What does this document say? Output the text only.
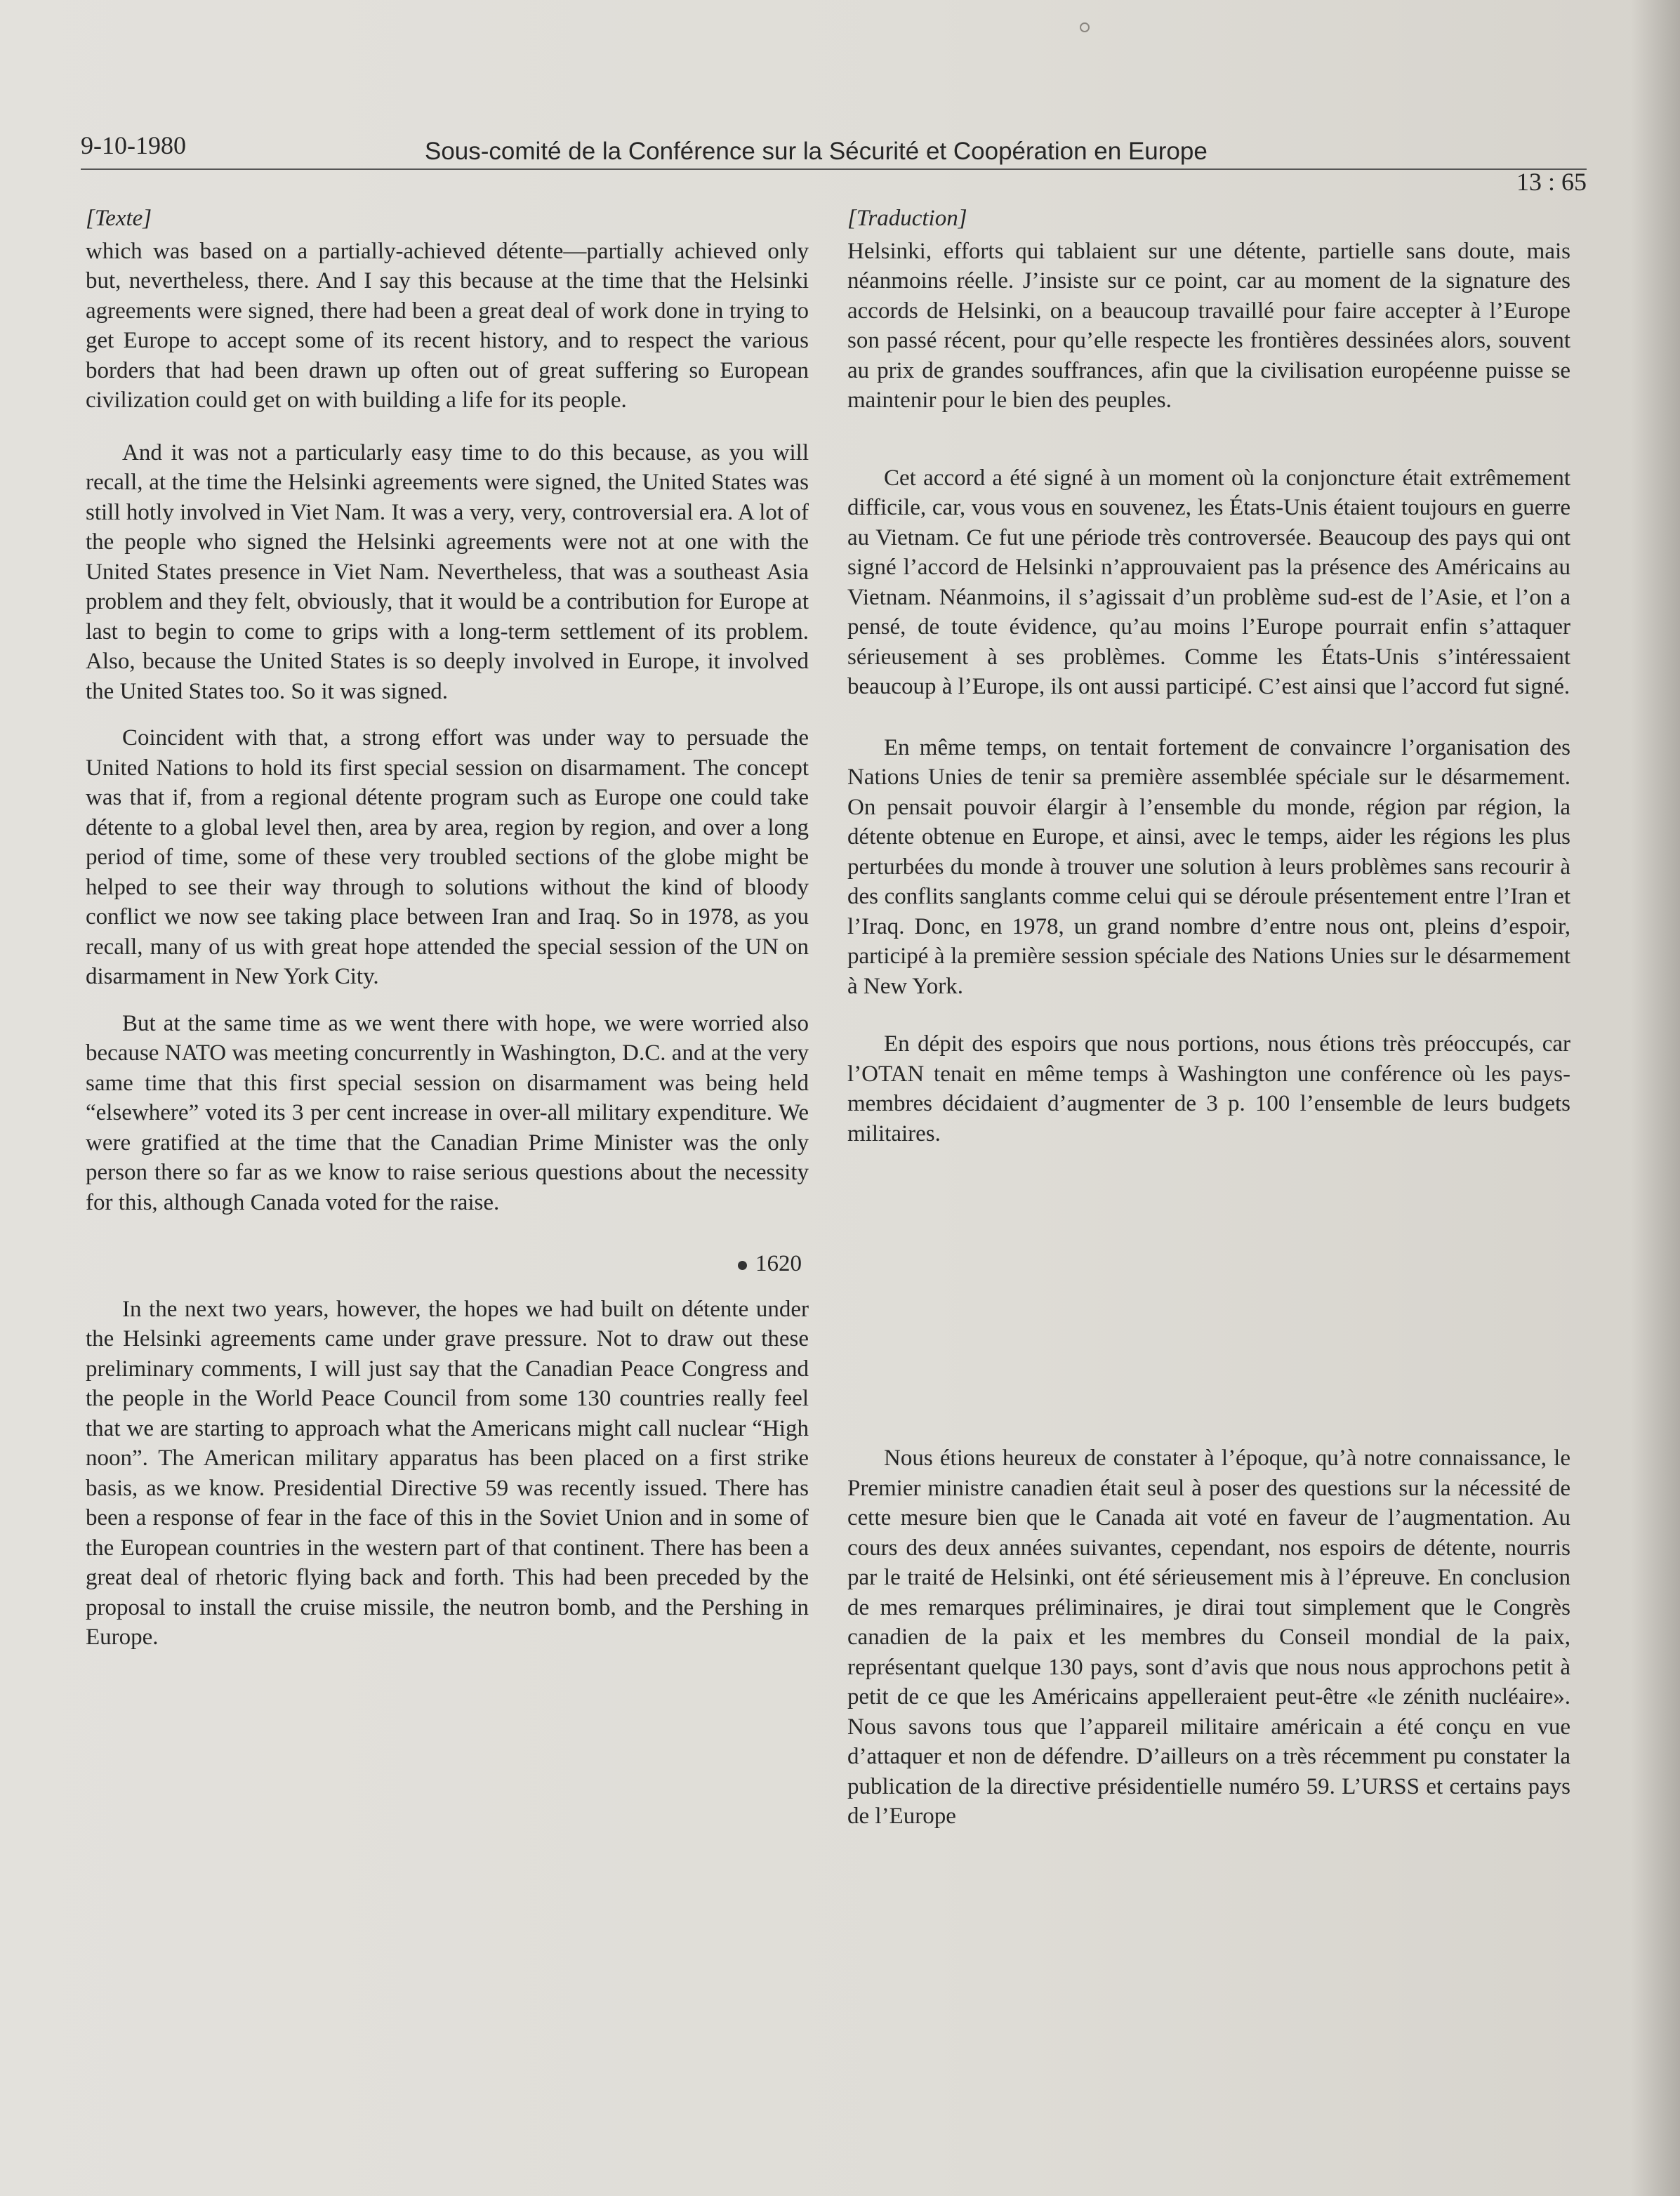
9-10-1980	Sous-comité de la Conférence sur la Sécurité et Coopération en Europe
13 : 65
[Texte]

which was based on a partially-achieved détente—partially achieved only but, nevertheless, there. And I say this because at the time that the Helsinki agreements were signed, there had been a great deal of work done in trying to get Europe to accept some of its recent history, and to respect the various borders that had been drawn up often out of great suffering so European civilization could get on with building a life for its people.

And it was not a particularly easy time to do this because, as you will recall, at the time the Helsinki agreements were signed, the United States was still hotly involved in Viet Nam. It was a very, very, controversial era. A lot of the people who signed the Helsinki agreements were not at one with the United States presence in Viet Nam. Nevertheless, that was a southeast Asia problem and they felt, obviously, that it would be a contribution for Europe at last to begin to come to grips with a long-term settlement of its problem. Also, because the United States is so deeply involved in Europe, it involved the United States too. So it was signed.

Coincident with that, a strong effort was under way to persuade the United Nations to hold its first special session on disarmament. The concept was that if, from a regional détente program such as Europe one could take détente to a global level then, area by area, region by region, and over a long period of time, some of these very troubled sections of the globe might be helped to see their way through to solutions without the kind of bloody conflict we now see taking place between Iran and Iraq. So in 1978, as you recall, many of us with great hope attended the special session of the UN on disarmament in New York City.

But at the same time as we went there with hope, we were worried also because NATO was meeting concurrently in Washington, D.C. and at the very same time that this first special session on disarmament was being held “elsewhere” voted its 3 per cent increase in over-all military expenditure. We were gratified at the time that the Canadian Prime Minister was the only person there so far as we know to raise serious questions about the necessity for this, although Canada voted for the raise.

1620

In the next two years, however, the hopes we had built on détente under the Helsinki agreements came under grave pressure. Not to draw out these preliminary comments, I will just say that the Canadian Peace Congress and the people in the World Peace Council from some 130 countries really feel that we are starting to approach what the Americans might call nuclear “High noon”. The American military apparatus has been placed on a first strike basis, as we know. Presidential Directive 59 was recently issued. There has been a response of fear in the face of this in the Soviet Union and in some of the European countries in the western part of that continent. There has been a great deal of rhetoric flying back and forth. This had been preceded by the proposal to install the cruise missile, the neutron bomb, and the Pershing in Europe.

[Traduction]

Helsinki, efforts qui tablaient sur une détente, partielle sans doute, mais néanmoins réelle. J’insiste sur ce point, car au moment de la signature des accords de Helsinki, on a beaucoup travaillé pour faire accepter à l’Europe son passé récent, pour qu’elle respecte les frontières dessinées alors, souvent au prix de grandes souffrances, afin que la civilisation européenne puisse se maintenir pour le bien des peuples.

Cet accord a été signé à un moment où la conjoncture était extrêmement difficile, car, vous vous en souvenez, les États-Unis étaient toujours en guerre au Vietnam. Ce fut une période très controversée. Beaucoup des pays qui ont signé l’accord de Helsinki n’approuvaient pas la présence des Américains au Vietnam. Néanmoins, il s’agissait d’un problème sud-est de l’Asie, et l’on a pensé, de toute évidence, qu’au moins l’Europe pourrait enfin s’attaquer sérieusement à ses problèmes. Comme les États-Unis s’intéressaient beaucoup à l’Europe, ils ont aussi participé. C’est ainsi que l’accord fut signé.

En même temps, on tentait fortement de convaincre l’organisation des Nations Unies de tenir sa première assemblée spéciale sur le désarmement. On pensait pouvoir élargir à l’ensemble du monde, région par région, la détente obtenue en Europe, et ainsi, avec le temps, aider les régions les plus perturbées du monde à trouver une solution à leurs problèmes sans recourir à des conflits sanglants comme celui qui se déroule présentement entre l’Iran et l’Iraq. Donc, en 1978, un grand nombre d’entre nous ont, pleins d’espoir, participé à la première session spéciale des Nations Unies sur le désarmement à New York.

En dépit des espoirs que nous portions, nous étions très préoccupés, car l’OTAN tenait en même temps à Washington une conférence où les pays-membres décidaient d’augmenter de 3 p. 100 l’ensemble de leurs budgets militaires.

Nous étions heureux de constater à l’époque, qu’à notre connaissance, le Premier ministre canadien était seul à poser des questions sur la nécessité de cette mesure bien que le Canada ait voté en faveur de l’augmentation. Au cours des deux années suivantes, cependant, nos espoirs de détente, nourris par le traité de Helsinki, ont été sérieusement mis à l’épreuve. En conclusion de mes remarques préliminaires, je dirai tout simplement que le Congrès canadien de la paix et les membres du Conseil mondial de la paix, représentant quelque 130 pays, sont d’avis que nous nous approchons petit à petit de ce que les Américains appelleraient peut-être «le zénith nucléaire». Nous savons tous que l’appareil militaire américain a été conçu en vue d’attaquer et non de défendre. D’ailleurs on a très récemment pu constater la publication de la directive présidentielle numéro 59. L’URSS et certains pays de l’Europe
